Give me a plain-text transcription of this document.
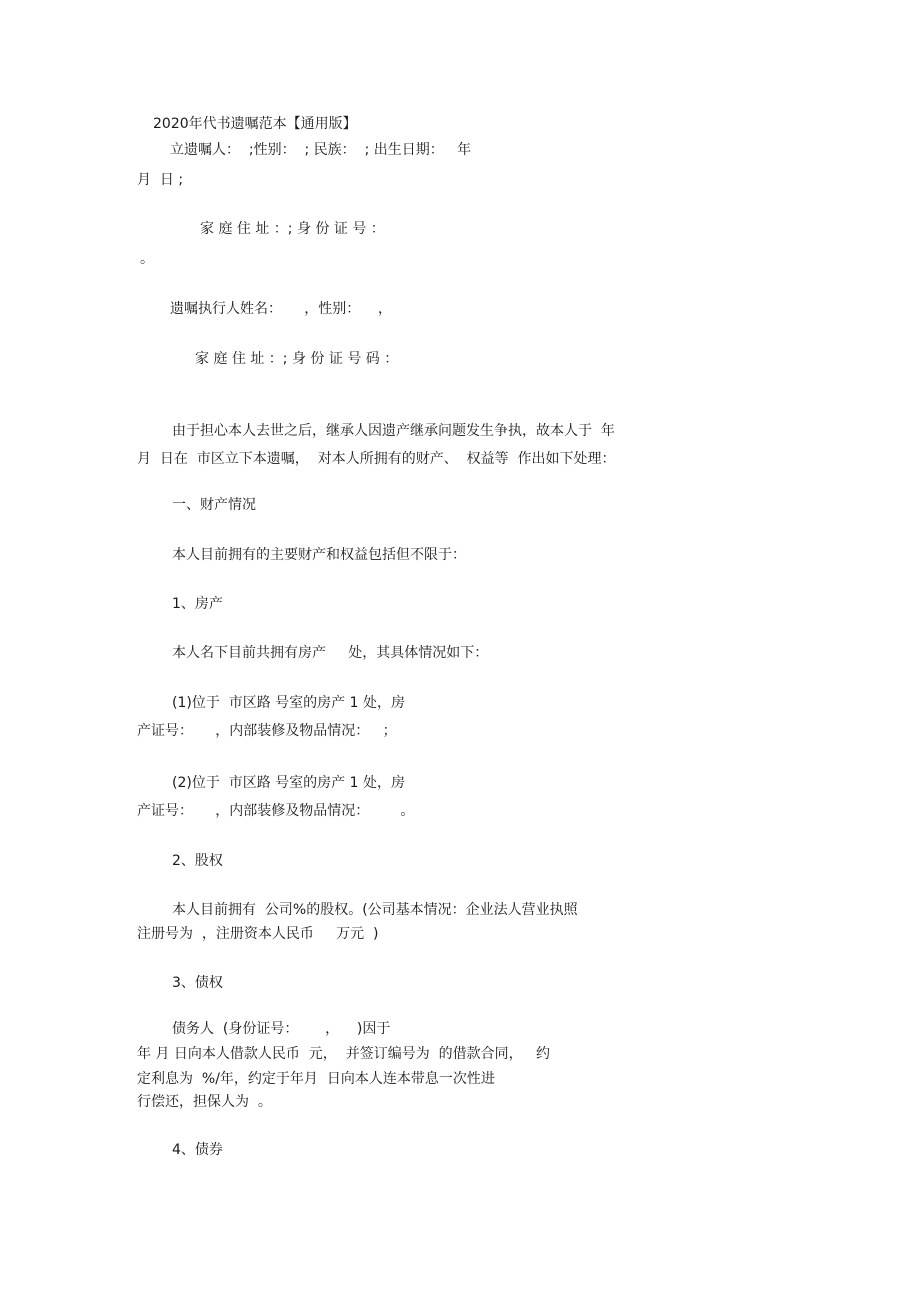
2020年代书遗嘱范本【通用版】
立遗嘱人：  ;性别：  ; 民族：  ; 出生日期：   年
月  日 ;
家 庭 住 址 ：; 身 份 证 号 ：
。
遗嘱执行人姓名：     ，性别：    ，
家 庭 住 址 ：; 身 份 证 号 码 ：
由于担心本人去世之后，继承人因遗产继承问题发生争执，故本人于  年
月  日在  市区立下本遗嘱，  对本人所拥有的财产、  权益等  作出如下处理：
一、财产情况
本人目前拥有的主要财产和权益包括但不限于：
1、房产
本人名下目前共拥有房产     处，其具体情况如下：
(1)位于  市区路 号室的房产 1 处，房
产证号：     ，内部装修及物品情况：   ；
(2)位于  市区路 号室的房产 1 处，房
产证号：     ，内部装修及物品情况：       。
2、股权
本人目前拥有  公司%的股权。(公司基本情况：企业法人营业执照
注册号为  ，注册资本人民币     万元  )
3、债权
债务人  (身份证号：      ，    )因于
年 月 日向本人借款人民币  元，  并签订编号为  的借款合同，   约
定利息为  %/年，约定于年月  日向本人连本带息一次性进
行偿还，担保人为  。
4、债券
